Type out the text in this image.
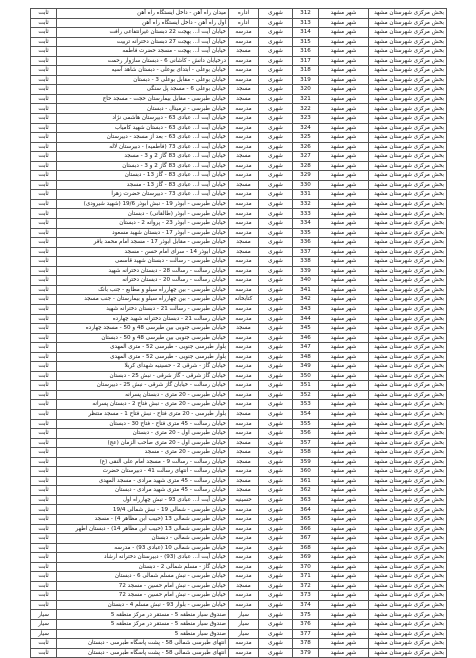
بخش مرکزی شهرستان مشهد	شهر مشهد	312	شهری	اداره	میدان راه آهن - داخل ایستگاه راه آهن	ثابت
بخش مرکزی شهرستان مشهد	شهر مشهد	313	شهری	اداره	اول راه آهن - داخل ایستگاه راه آهن	ثابت
بخش مرکزی شهرستان مشهد	شهر مشهد	314	شهری	مدرسه	خیابان آیت ا... بهجت 22 دبستان غیرانتفاعی رافت	ثابت
بخش مرکزی شهرستان مشهد	شهر مشهد	315	شهری	مدرسه	خیابان آیت ا... بهجت 27 دبستان دخترانه تربیت	ثابت
بخش مرکزی شهرستان مشهد	شهر مشهد	316	شهری	مسجد	خیابان آیت ا... بهجت - مسجد حضرت فاطمه	ثابت
بخش مرکزی شهرستان مشهد	شهر مشهد	317	شهری	مدرسه	درخیابان دانش - کاشانی 6 - دبستان سازوار رحمت	ثابت
بخش مرکزی شهرستان مشهد	شهر مشهد	318	شهری	مدرسه	خیابان بوعلی - ابتدای بوعلی - دبستان شاهد آسیه	ثابت
بخش مرکزی شهرستان مشهد	شهر مشهد	319	شهری	مدرسه	خیابان بوعلی - مقابل بوعلی 3 - دبستان	ثابت
بخش مرکزی شهرستان مشهد	شهر مشهد	320	شهری	مسجد	خیابان بوعلی 6 - مسجد پل سنگی	ثابت
بخش مرکزی شهرستان مشهد	شهر مشهد	321	شهری	مسجد	خیابان طبرسی - مقابل بیمارستان حجت - مسجد حاج	ثابت
بخش مرکزی شهرستان مشهد	شهر مشهد	322	شهری	مدرسه	خیابان طبرسی - ترمینال - دبستان	ثابت
بخش مرکزی شهرستان مشهد	شهر مشهد	323	شهری	مدرسه	خیابان آیت ا... عبادی 63 - دبیرستان هاشمی نژاد	ثابت
بخش مرکزی شهرستان مشهد	شهر مشهد	324	شهری	مدرسه	خیابان آیت ا... عبادی 63 - دبستان شهید کامیاب	ثابت
بخش مرکزی شهرستان مشهد	شهر مشهد	325	شهری	مدرسه	خیابان آیت ا... عبادی 63 - بعد از مسجد - دبیرستان	ثابت
بخش مرکزی شهرستان مشهد	شهر مشهد	326	شهری	مدرسه	خیابان آیت ا... عبادی 73 (فاطمیه) - دبیرستان لاله	ثابت
بخش مرکزی شهرستان مشهد	شهر مشهد	327	شهری	مسجد	خیابان آیت ا... عبادی 83 گاز 2 و 3 - مسجد	ثابت
بخش مرکزی شهرستان مشهد	شهر مشهد	328	شهری	مدرسه	خیابان آیت ا... عبادی 83 گاز 2 و 3 - دبستان	ثابت
بخش مرکزی شهرستان مشهد	شهر مشهد	329	شهری	مدرسه	خیابان آیت ا... عبادی 83 - گاز 13 - دبستان	ثابت
بخش مرکزی شهرستان مشهد	شهر مشهد	330	شهری	مسجد	خیابان آیت ا... عبادی 83 - گاز 13 - مسجد	ثابت
بخش مرکزی شهرستان مشهد	شهر مشهد	331	شهری	مدرسه	خیابان آیت ا... عبادی 73 - دبیرستان حضرت زهرا	ثابت
بخش مرکزی شهرستان مشهد	شهر مشهد	332	شهری	مدرسه	خیابان طبرسی - ابوذر 19 - نبش ابوذر 19/6 (شهید شیرودی)	ثابت
بخش مرکزی شهرستان مشهد	شهر مشهد	333	شهری	مدرسه	خیابان طبرسی - ابوذر (طالقانی) - دبستان	ثابت
بخش مرکزی شهرستان مشهد	شهر مشهد	334	شهری	مدرسه	خیابان طبرسی - ابوذر 23 - پروانه 2 - دبستان	ثابت
بخش مرکزی شهرستان مشهد	شهر مشهد	335	شهری	مدرسه	خیابان طبرسی - ابوذر 17 - دبستان شهید مسعود	ثابت
بخش مرکزی شهرستان مشهد	شهر مشهد	336	شهری	مسجد	خیابان طبرسی - مقابل ابوذر 17 - مسجد امام محمد باقر	ثابت
بخش مرکزی شهرستان مشهد	شهر مشهد	337	شهری	مسجد	خیابان ابوذر 14 - سرای امام حسن - مسجد	ثابت
بخش مرکزی شهرستان مشهد	شهر مشهد	338	شهری	مدرسه	خیابان طبرسی - رسالت - دبستان شهید قاسمی	ثابت
بخش مرکزی شهرستان مشهد	شهر مشهد	339	شهری	مدرسه	خیابان رسالت - رسالت 28 - دبستان دخترانه شهید	ثابت
بخش مرکزی شهرستان مشهد	شهر مشهد	340	شهری	مدرسه	خیابان رسالت - رسالت 20 - دبستان دخترانه	ثابت
بخش مرکزی شهرستان مشهد	شهر مشهد	341	شهری	مدرسه	خیابان طبرسی - بین چهارراه سیلو و مطابع - جنب بانک	ثابت
بخش مرکزی شهرستان مشهد	شهر مشهد	342	شهری	کتابخانه	خیابان طبرسی - بین چهارراه سیلو و بیمارستان - جنب مسجد	ثابت
بخش مرکزی شهرستان مشهد	شهر مشهد	343	شهری	مدرسه	خیابان طبرسی - رسالت 21 - دبستان دخترانه شهید	ثابت
بخش مرکزی شهرستان مشهد	شهر مشهد	344	شهری	مدرسه	خیابان رسالت 21 - دبستان دخترانه شهید چهارده	ثابت
بخش مرکزی شهرستان مشهد	شهر مشهد	345	شهری	مسجد	خیابان طبرسی جنوبی بین طبرسی 48 و 50 - مسجد چهارده	ثابت
بخش مرکزی شهرستان مشهد	شهر مشهد	346	شهری	مدرسه	خیابان طبرسی جنوبی بین طبرسی 48 و 50 - دبستان	ثابت
بخش مرکزی شهرستان مشهد	شهر مشهد	347	شهری	مدرسه	بلوار طبرسی جنوبی - طبرسی 52 - متری المهدی	ثابت
بخش مرکزی شهرستان مشهد	شهر مشهد	348	شهری	مدرسه	بلوار طبرسی جنوبی - طبرسی 52 - متری المهدی	ثابت
بخش مرکزی شهرستان مشهد	شهر مشهد	349	شهری	مدرسه	خیابان گاز - شرقی 2 - حسینیه شهدای کربلا	ثابت
بخش مرکزی شهرستان مشهد	شهر مشهد	350	شهری	مدرسه	خیابان گاز شرقی - گاز شرقی - نبش 25 - دبستان	ثابت
بخش مرکزی شهرستان مشهد	شهر مشهد	351	شهری	مدرسه	خیابان رسالت - خیابان گاز شرقی - نبش 25 - دبیرستان	ثابت
بخش مرکزی شهرستان مشهد	شهر مشهد	352	شهری	مدرسه	خیابان طبرسی - 20 متری - دبستان پسرانه	ثابت
بخش مرکزی شهرستان مشهد	شهر مشهد	353	شهری	مدرسه	خیابان طبرسی - 20 متری - نبش فتاح 2 - دبستان پسرانه	ثابت
بخش مرکزی شهرستان مشهد	شهر مشهد	354	شهری	مسجد	بلوار طبرسی - 20 متری فتاح - نبش فتاح 1 - مسجد منتظر	ثابت
بخش مرکزی شهرستان مشهد	شهر مشهد	355	شهری	مدرسه	خیابان رسالت - 45 متری فتاح - فتاح 30 - دبستان	ثابت
بخش مرکزی شهرستان مشهد	شهر مشهد	356	شهری	مدرسه	خیابان طبرسی اول - 20 متری - دبستان	ثابت
بخش مرکزی شهرستان مشهد	شهر مشهد	357	شهری	مسجد	خیابان طبرسی اول - 20 متری صاحب الزمان (عج)	ثابت
بخش مرکزی شهرستان مشهد	شهر مشهد	358	شهری	مسجد	خیابان طبرسی - 20 متری - مسجد	ثابت
بخش مرکزی شهرستان مشهد	شهر مشهد	359	شهری	مسجد	خیابان رسالت - رسالت 9 - مسجد امام علی النقی (ع)	ثابت
بخش مرکزی شهرستان مشهد	شهر مشهد	360	شهری	مدرسه	خیابان رسالت - انتهای رسالت 41 - دبیرستان حضرت	ثابت
بخش مرکزی شهرستان مشهد	شهر مشهد	361	شهری	مسجد	خیابان رسالت - 45 متری شهید مرادی - مسجد المهدی	ثابت
بخش مرکزی شهرستان مشهد	شهر مشهد	362	شهری	مسجد	خیابان رسالت - 45 متری شهید مرادی - دبستان	ثابت
بخش مرکزی شهرستان مشهد	شهر مشهد	363	شهری	حسینیه	خیابان آیت ا... عبادی 93 - نبش چهارراه اول	ثابت
بخش مرکزی شهرستان مشهد	شهر مشهد	364	شهری	مدرسه	خیابان طبرسی - شمالی 19 - نبش شمالی 19/4	ثابت
بخش مرکزی شهرستان مشهد	شهر مشهد	365	شهری	مدرسه	خیابان طبرسی شمالی 13 (حبیب ابن مظاهر 4) - مسجد	ثابت
بخش مرکزی شهرستان مشهد	شهر مشهد	366	شهری	مدرسه	خیابان طبرسی شمالی 13 (حبیب ابن مظاهر 14) - دبستان اطهر	ثابت
بخش مرکزی شهرستان مشهد	شهر مشهد	367	شهری	مدرسه	خیابان طبرسی شمالی - دبستان	ثابت
بخش مرکزی شهرستان مشهد	شهر مشهد	368	شهری	مدرسه	خیابان طبرسی شمالی 10 (عبادی 93) - مدرسه	ثابت
بخش مرکزی شهرستان مشهد	شهر مشهد	369	شهری	مدرسه	خیابان آیت ا... عبادی (93) - دبیرستان دخترانه ارشاد	ثابت
بخش مرکزی شهرستان مشهد	شهر مشهد	370	شهری	مدرسه	خیابان گاز - مسلم شمالی 2 - دبستان	ثابت
بخش مرکزی شهرستان مشهد	شهر مشهد	371	شهری	مدرسه	خیابان طبرسی - نبش مسلم شمالی 6 - دبستان	ثابت
بخش مرکزی شهرستان مشهد	شهر مشهد	372	شهری	مسجد	خیابان طبرسی - نبش امام حسین - مسجد 72	ثابت
بخش مرکزی شهرستان مشهد	شهر مشهد	373	شهری	مدرسه	خیابان طبرسی - نبش امام حسین - مسجد 72	ثابت
بخش مرکزی شهرستان مشهد	شهر مشهد	374	شهری	مدرسه	خیابان طبرسی - بلوار 93 - نبش مسلم 4 - دبستان	ثابت
بخش مرکزی شهرستان مشهد	شهر مشهد	375	شهری	سیار	صندوق سیار منطقه 5 - مستقر در مرکز منطقه 5	سیار
بخش مرکزی شهرستان مشهد	شهر مشهد	376	شهری	سیار	صندوق سیار منطقه 5 - مستقر در مرکز منطقه 5	سیار
بخش مرکزی شهرستان مشهد	شهر مشهد	377	شهری	سیار	صندوق سیار منطقه 5	سیار
بخش مرکزی شهرستان مشهد	شهر مشهد	378	شهری	مدرسه	انتهای طبرسی شمالی 58 - پشت پاسگاه طبرسی - دبستان	ثابت
بخش مرکزی شهرستان مشهد	شهر مشهد	379	شهری	مدرسه	انتهای طبرسی شمالی 58 - پشت پاسگاه طبرسی - دبستان	ثابت
